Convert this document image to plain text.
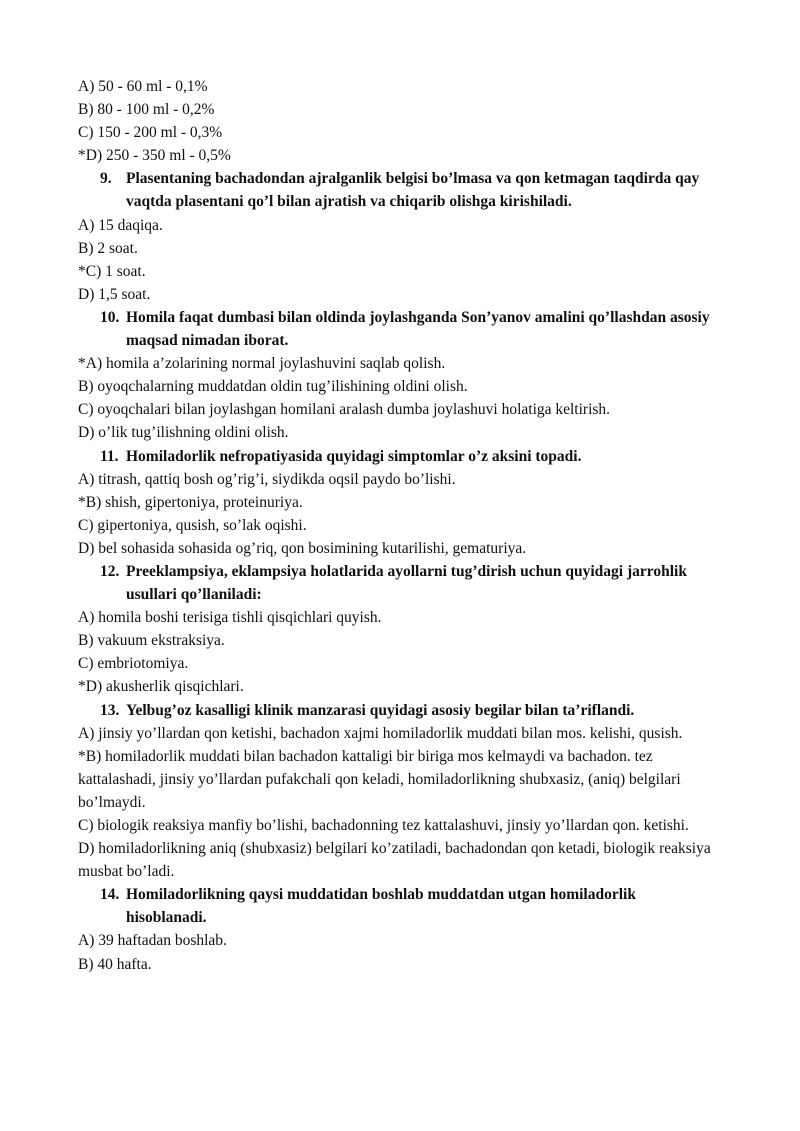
A) 50 - 60 ml - 0,1%
B) 80 - 100 ml - 0,2%
C) 150 - 200 ml - 0,3%
*D) 250 - 350 ml - 0,5%
9. Plasentaning bachadondan ajralganlik belgisi bo’lmasa va qon ketmagan taqdirda qay vaqtda plasentani qo’l bilan ajratish va chiqarib olishga kirishiladi.
A) 15 daqiqa.
B) 2 soat.
*C) 1 soat.
D) 1,5 soat.
10. Homila faqat dumbasi bilan oldinda joylashganda Son’yanov amalini qo’llashdan asosiy maqsad nimadan iborat.
*A) homila a’zolarining normal joylashuvini saqlab qolish.
B) oyoqchalarning muddatdan oldin tug’ilishining oldini olish.
C) oyoqchalari bilan joylashgan homilani aralash dumba joylashuvi holatiga keltirish.
D) o’lik tug’ilishning oldini olish.
11. Homiladorlik nefropatiyasida quyidagi simptomlar o’z aksini topadi.
A) titrash, qattiq bosh og’rig’i, siydikda oqsil paydo bo’lishi.
*B) shish, gipertoniya, proteinuriya.
C) gipertoniya, qusish, so’lak oqishi.
D) bel sohasida sohasida og’riq, qon bosimining kutarilishi, gematuriya.
12. Preeklampsiya, eklampsiya holatlarida ayollarni tug’dirish uchun quyidagi jarrohlik usullari qo’llaniladi:
A) homila boshi terisiga tishli qisqichlari quyish.
B) vakuum ekstraksiya.
C) embriotomiya.
*D) akusherlik qisqichlari.
13. Yelbug’oz kasalligi klinik manzarasi quyidagi asosiy begilar bilan ta’riflandi.
A) jinsiy yo’llardan qon ketishi, bachadon xajmi homiladorlik muddati bilan mos. kelishi, qusish.
*B) homiladorlik muddati bilan bachadon kattaligi bir biriga mos kelmaydi va bachadon. tez kattalashadi, jinsiy yo’llardan pufakchali qon keladi, homiladorlikning shubxasiz, (aniq) belgilari bo’lmaydi.
C) biologik reaksiya manfiy bo’lishi, bachadonning tez kattalashuvi, jinsiy yo’llardan qon. ketishi.
D) homiladorlikning aniq (shubxasiz) belgilari ko’zatiladi, bachadondan qon ketadi, biologik reaksiya musbat bo’ladi.
14. Homiladorlikning qaysi muddatidan boshlab muddatdan utgan homiladorlik hisoblanadi.
A) 39 haftadan boshlab.
B) 40 hafta.
